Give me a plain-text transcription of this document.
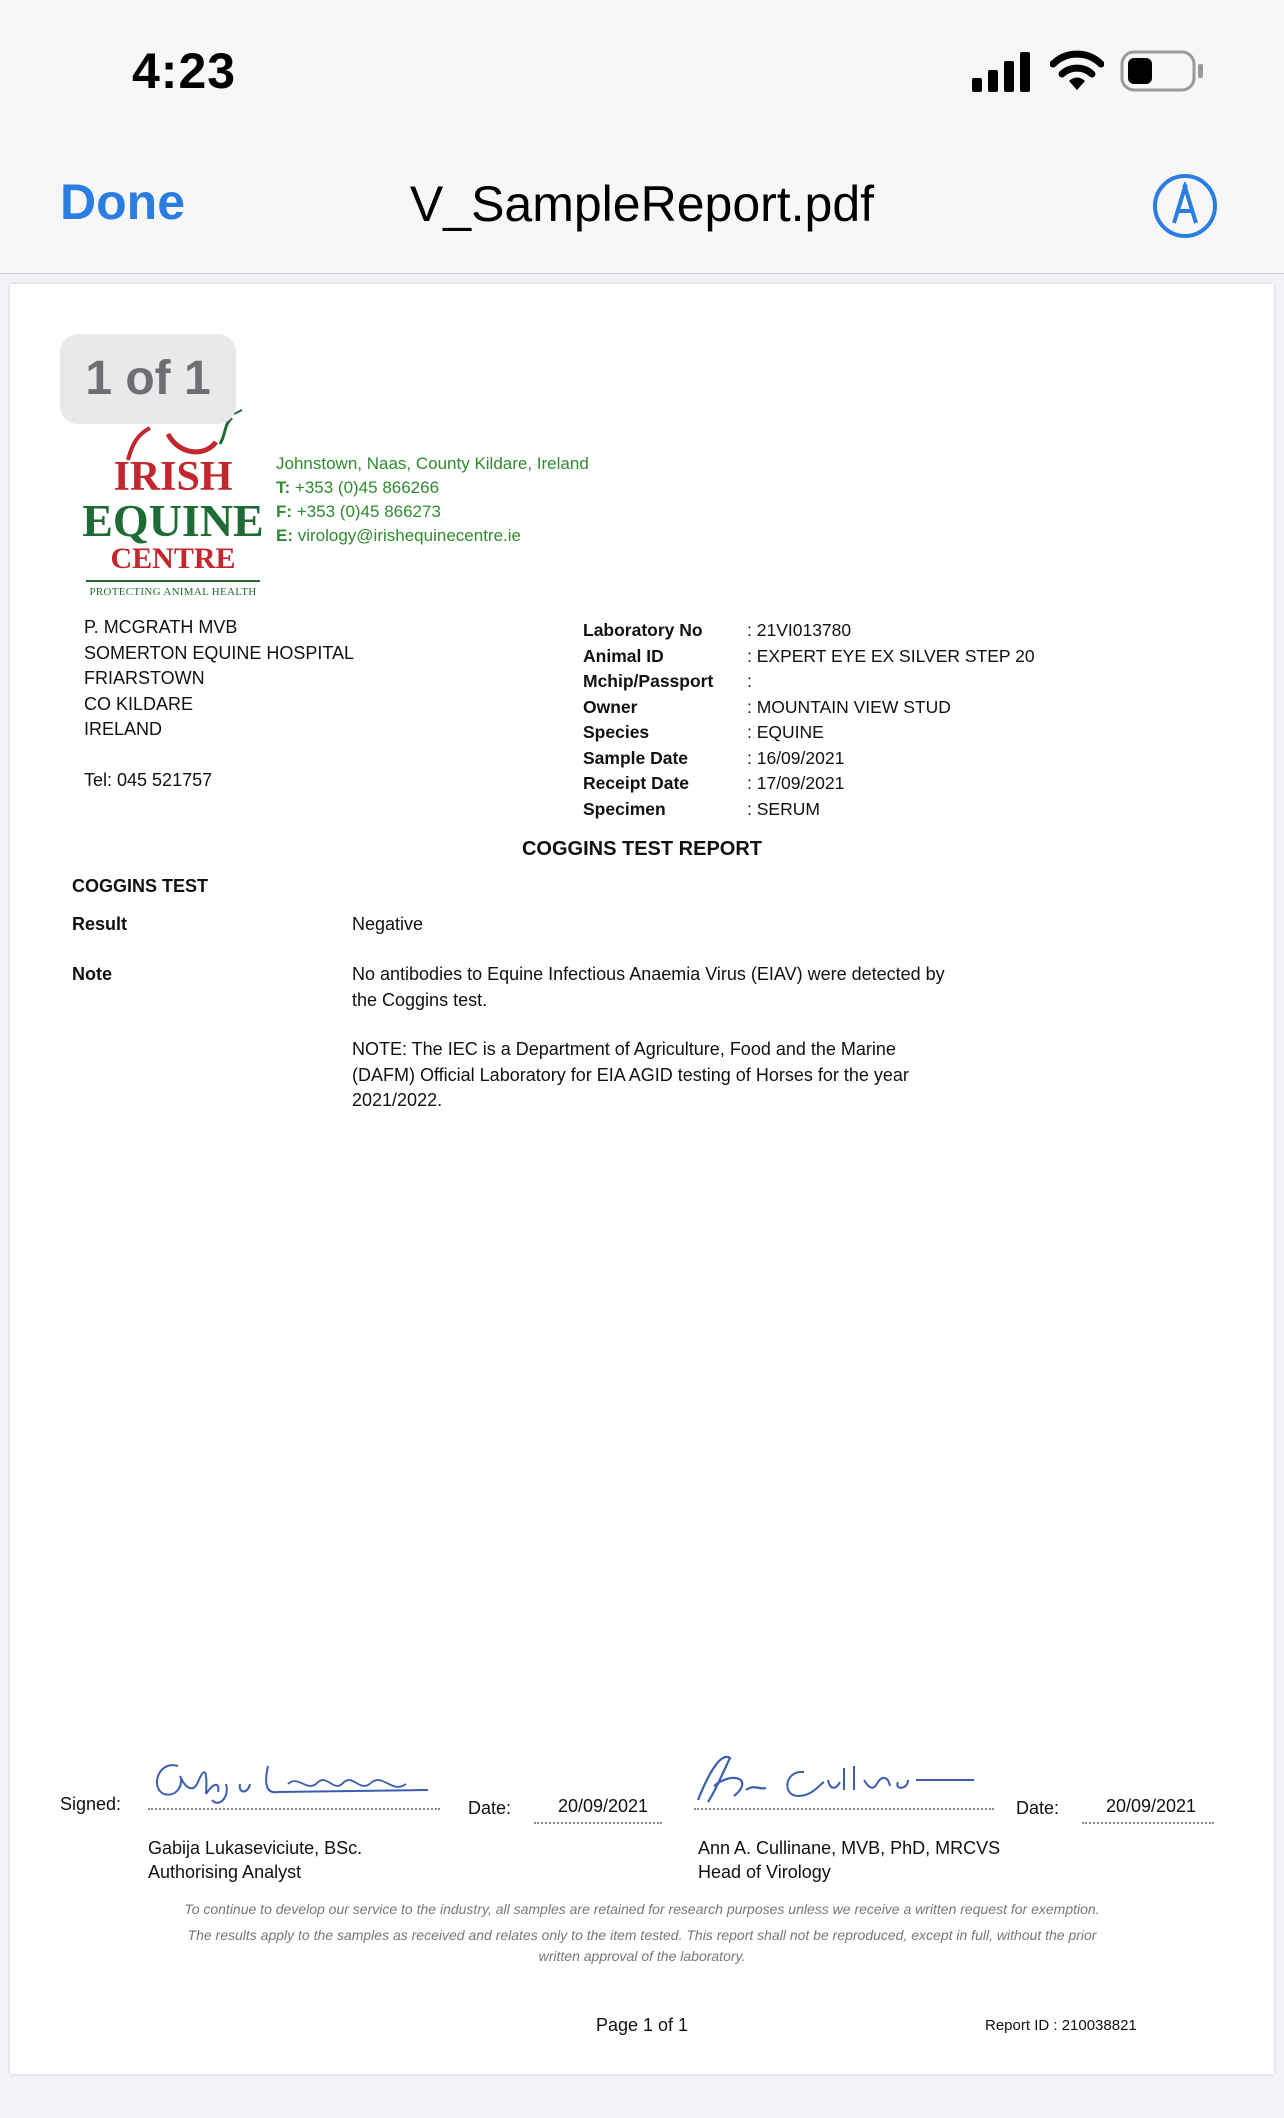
4:23
Done	V_SampleReport.pdf
1 of 1
IRISH
EQUINE
CENTRE
PROTECTING ANIMAL HEALTH
Johnstown, Naas, County Kildare, Ireland
T: +353 (0)45 866266
F: +353 (0)45 866273
E: virology@irishequinecentre.ie
P. MCGRATH MVB
SOMERTON EQUINE HOSPITAL
FRIARSTOWN
CO KILDARE
IRELAND
Tel: 045 521757
Laboratory No	: 21VI013780
Animal ID	: EXPERT EYE EX SILVER STEP 20
Mchip/Passport	:
Owner	: MOUNTAIN VIEW STUD
Species	: EQUINE
Sample Date	: 16/09/2021
Receipt Date	: 17/09/2021
Specimen	: SERUM
COGGINS TEST REPORT
COGGINS TEST
Result	Negative
Note	No antibodies to Equine Infectious Anaemia Virus (EIAV) were detected by
the Coggins test.
NOTE: The IEC is a Department of Agriculture, Food and the Marine
(DAFM) Official Laboratory for EIA AGID testing of Horses for the year
2021/2022.
Signed:	Date:	20/09/2021
Gabija Lukaseviciute, BSc.
Authorising Analyst
Date:	20/09/2021
Ann A. Cullinane, MVB, PhD, MRCVS
Head of Virology
To continue to develop our service to the industry, all samples are retained for research purposes unless we receive a written request for exemption.
The results apply to the samples as received and relates only to the item tested. This report shall not be reproduced, except in full, without the prior
written approval of the laboratory.
Page 1 of 1	Report ID : 210038821
